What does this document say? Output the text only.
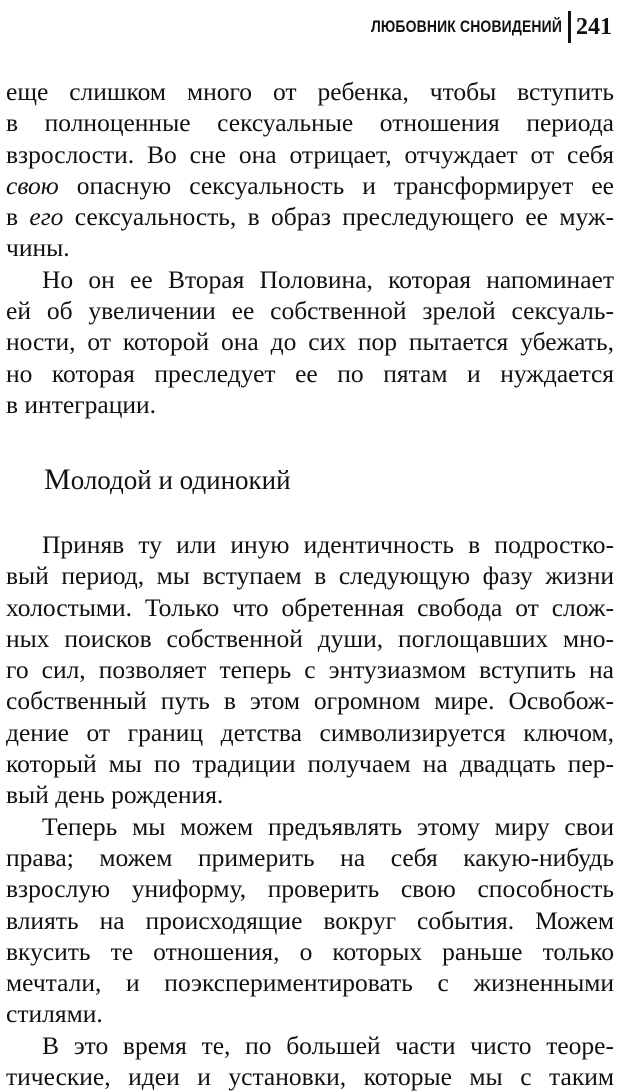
ЛЮБОВНИК СНОВИДЕНИЙ 241
еще слишком много от ребенка, чтобы вступить
в полноценные сексуальные отношения периода
взрослости. Во сне она отрицает, отчуждает от себя
свою опасную сексуальность и трансформирует ее
в его сексуальность, в образ преследующего ее муж-
чины.
Но он ее Вторая Половина, которая напоминает
ей об увеличении ее собственной зрелой сексуаль-
ности, от которой она до сих пор пытается убежать,
но которая преследует ее по пятам и нуждается
в интеграции.
Молодой и одинокий
Приняв ту или иную идентичность в подростко-
вый период, мы вступаем в следующую фазу жизни
холостыми. Только что обретенная свобода от слож-
ных поисков собственной души, поглощавших мно-
го сил, позволяет теперь с энтузиазмом вступить на
собственный путь в этом огромном мире. Освобож-
дение от границ детства символизируется ключом,
который мы по традиции получаем на двадцать пер-
вый день рождения.
Теперь мы можем предъявлять этому миру свои
права; можем примерить на себя какую-нибудь
взрослую униформу, проверить свою способность
влиять на происходящие вокруг события. Можем
вкусить те отношения, о которых раньше только
мечтали, и поэкспериментировать с жизненными
стилями.
В это время те, по большей части чисто теоре-
тические, идеи и установки, которые мы с таким
